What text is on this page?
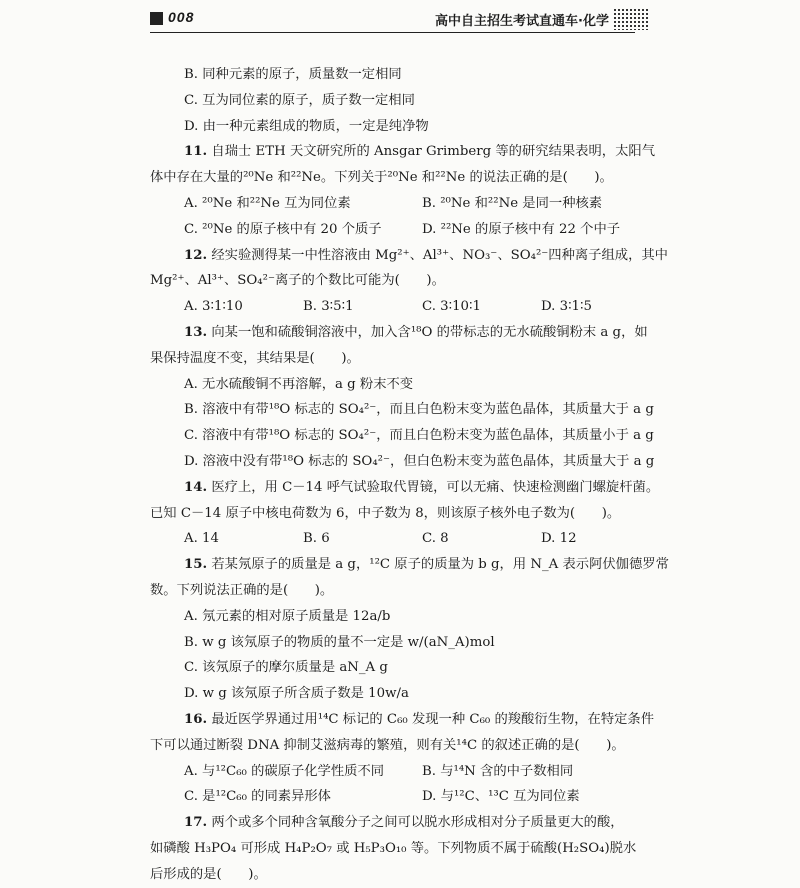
008	高中自主招生考试直通车·化学
B. 同种元素的原子，质量数一定相同
C. 互为同位素的原子，质子数一定相同
D. 由一种元素组成的物质，一定是纯净物
11. 自瑞士 ETH 天文研究所的 Ansgar Grimberg 等的研究结果表明，太阳气
体中存在大量的²⁰Ne 和²²Ne。下列关于²⁰Ne 和²²Ne 的说法正确的是(　　)。
A. ²⁰Ne 和²²Ne 互为同位素	B. ²⁰Ne 和²²Ne 是同一种核素
C. ²⁰Ne 的原子核中有 20 个质子	D. ²²Ne 的原子核中有 22 个中子
12. 经实验测得某一中性溶液由 Mg²⁺、Al³⁺、NO₃⁻、SO₄²⁻四种离子组成，其中
Mg²⁺、Al³⁺、SO₄²⁻离子的个数比可能为(　　)。
A. 3∶1∶10	B. 3∶5∶1	C. 3∶10∶1	D. 3∶1∶5
13. 向某一饱和硫酸铜溶液中，加入含¹⁸O 的带标志的无水硫酸铜粉末 a g，如
果保持温度不变，其结果是(　　)。
A. 无水硫酸铜不再溶解，a g 粉末不变
B. 溶液中有带¹⁸O 标志的 SO₄²⁻，而且白色粉末变为蓝色晶体，其质量大于 a g
C. 溶液中有带¹⁸O 标志的 SO₄²⁻，而且白色粉末变为蓝色晶体，其质量小于 a g
D. 溶液中没有带¹⁸O 标志的 SO₄²⁻，但白色粉末变为蓝色晶体，其质量大于 a g
14. 医疗上，用 C－14 呼气试验取代胃镜，可以无痛、快速检测幽门螺旋杆菌。
已知 C－14 原子中核电荷数为 6，中子数为 8，则该原子核外电子数为(　　)。
A. 14	B. 6	C. 8	D. 12
15. 若某氖原子的质量是 a g，¹²C 原子的质量为 b g，用 N_A 表示阿伏伽德罗常
数。下列说法正确的是(　　)。
A. 氖元素的相对原子质量是 12a/b
B. w g 该氖原子的物质的量不一定是 w/(aN_A)mol
C. 该氖原子的摩尔质量是 aN_A g
D. w g 该氖原子所含质子数是 10w/a
16. 最近医学界通过用¹⁴C 标记的 C₆₀ 发现一种 C₆₀ 的羧酸衍生物，在特定条件
下可以通过断裂 DNA 抑制艾滋病毒的繁殖，则有关¹⁴C 的叙述正确的是(　　)。
A. 与¹²C₆₀ 的碳原子化学性质不同	B. 与¹⁴N 含的中子数相同
C. 是¹²C₆₀ 的同素异形体	D. 与¹²C、¹³C 互为同位素
17. 两个或多个同种含氧酸分子之间可以脱水形成相对分子质量更大的酸，
如磷酸 H₃PO₄ 可形成 H₄P₂O₇ 或 H₅P₃O₁₀ 等。下列物质不属于硫酸(H₂SO₄)脱水
后形成的是(　　)。
